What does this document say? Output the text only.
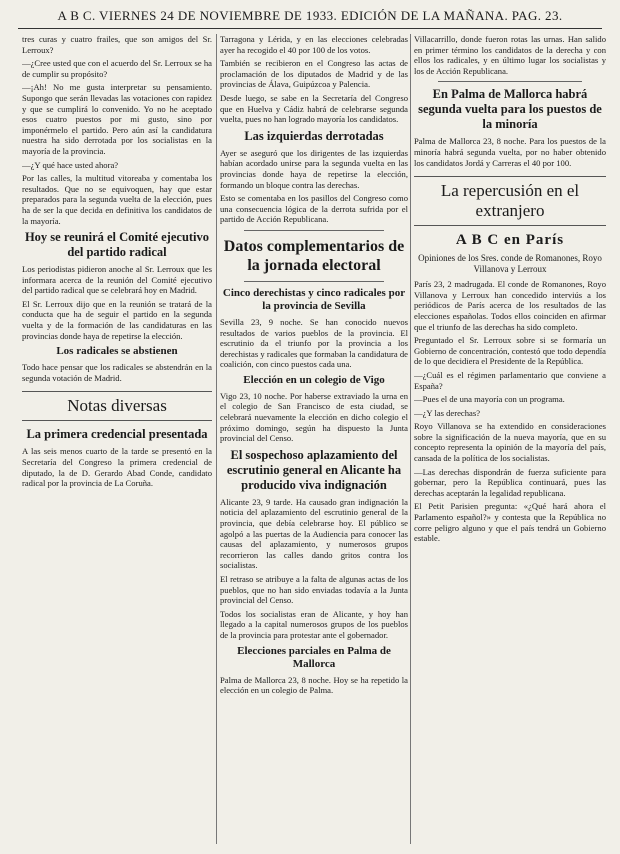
A B C. VIERNES 24 DE NOVIEMBRE DE 1933. EDICIÓN DE LA MAÑANA. PAG. 23.

tres curas y cuatro frailes, que son amigos del Sr. Lerroux?

—¿Cree usted que con el acuerdo del Sr. Lerroux se ha de cumplir su propósito?

—¡Ah! No me gusta interpretar su pensamiento. Supongo que serán llevadas las votaciones con rapidez y que se cumplirá lo convenido. Yo no he aceptado esos cuatro puestos por mi gusto, sino por imponérmelo el partido. Pero aún así la candidatura nuestra ha sido derrotada por los socialistas en la mayoría de la provincia.

—¿Y qué hace usted ahora?

Por las calles, la multitud vitoreaba y comentaba los resultados. Que no se equivoquen, hay que estar preparados para la segunda vuelta de la elección, pues ha de ser la que decida en definitiva los candidatos de la mayoría.

Hoy se reunirá el Comité ejecutivo del partido radical

Los periodistas pidieron anoche al Sr. Lerroux que les informara acerca de la reunión del Comité ejecutivo del partido radical que se celebrará hoy en Madrid.

El Sr. Lerroux dijo que en la reunión se tratará de la conducta que ha de seguir el partido en la segunda vuelta y de la formación de las candidaturas en las provincias donde haya de repetirse la elección.

Los radicales se abstienen

Todo hace pensar que los radicales se abstendrán en la segunda votación de Madrid.

Notas diversas
La primera credencial presentada

A las seis menos cuarto de la tarde se presentó en la Secretaría del Congreso la primera credencial de diputado, la de D. Gerardo Abad Conde, candidato radical por la provincia de La Coruña.

Tarragona y Lérida, y en las elecciones celebradas ayer ha recogido el 40 por 100 de los votos.

También se recibieron en el Congreso las actas de proclamación de los diputados de Madrid y de las provincias de Álava, Guipúzcoa y Palencia.

Desde luego, se sabe en la Secretaría del Congreso que en Huelva y Cádiz habrá de celebrarse segunda vuelta, pues no han logrado mayoría los candidatos.

Las izquierdas derrotadas

Ayer se aseguró que los dirigentes de las izquierdas habían acordado unirse para la segunda vuelta en las provincias donde haya de repetirse la elección, formando un bloque contra las derechas.

Esto se comentaba en los pasillos del Congreso como una consecuencia lógica de la derrota sufrida por el partido de Acción Republicana.

Datos complementarios de la jornada electoral
Cinco derechistas y cinco radicales por la provincia de Sevilla

Sevilla 23, 9 noche. Se han conocido nuevos resultados de varios pueblos de la provincia. El escrutinio da el triunfo por la provincia a los derechistas y radicales que formaban la candidatura de coalición, con cinco puestos cada una.

Elección en un colegio de Vigo

Vigo 23, 10 noche. Por haberse extraviado la urna en el colegio de San Francisco de esta ciudad, se celebrará nuevamente la elección en dicho colegio el próximo domingo, según ha dispuesto la Junta provincial del Censo.

El sospechoso aplazamiento del escrutinio general en Alicante ha producido viva indignación

Alicante 23, 9 tarde. Ha causado gran indignación la noticia del aplazamiento del escrutinio general de la provincia, que debía celebrarse hoy. El público se agolpó a las puertas de la Audiencia para conocer las causas del aplazamiento, y numerosos grupos recorrieron las calles dando gritos contra los socialistas.

El retraso se atribuye a la falta de algunas actas de los pueblos, que no han sido enviadas todavía a la Junta provincial del Censo.

Todos los socialistas eran de Alicante, y hoy han llegado a la capital numerosos grupos de los pueblos de la provincia para protestar ante el gobernador.

Elecciones parciales en Palma de Mallorca

Palma de Mallorca 23, 8 noche. Hoy se ha repetido la elección en un colegio de Palma.

Villacarrillo, donde fueron rotas las urnas. Han salido en primer término los candidatos de la derecha y con ellos los radicales, y en último lugar los socialistas y los de Acción Republicana.

En Palma de Mallorca habrá segunda vuelta para los puestos de la minoría

Palma de Mallorca 23, 8 noche. Para los puestos de la minoría habrá segunda vuelta, por no haber obtenido los candidatos Jordá y Carreras el 40 por 100.

La repercusión en el extranjero
A B C en París
Opiniones de los Sres. conde de Romanones, Royo Villanova y Lerroux

París 23, 2 madrugada. El conde de Romanones, Royo Villanova y Lerroux han concedido interviús a los periódicos de París acerca de los resultados de las elecciones españolas. Todos ellos coinciden en afirmar que el triunfo de las derechas ha sido completo.

Preguntado el Sr. Lerroux sobre si se formaría un Gobierno de concentración, contestó que todo dependía de lo que decidiera el Presidente de la República.

—¿Cuál es el régimen parlamentario que conviene a España?

—Pues el de una mayoría con un programa.

—¿Y las derechas?

Royo Villanova se ha extendido en consideraciones sobre la significación de la nueva mayoría, que en su concepto representa la opinión de la mayoría del país, cansada de la política de los socialistas.

—Las derechas dispondrán de fuerza suficiente para gobernar, pero la República continuará, pues las derechas aceptarán la legalidad republicana.

El Petit Parisien pregunta: «¿Qué hará ahora el Parlamento español?» y contesta que la República no corre peligro alguno y que el país tendrá un Gobierno estable.
